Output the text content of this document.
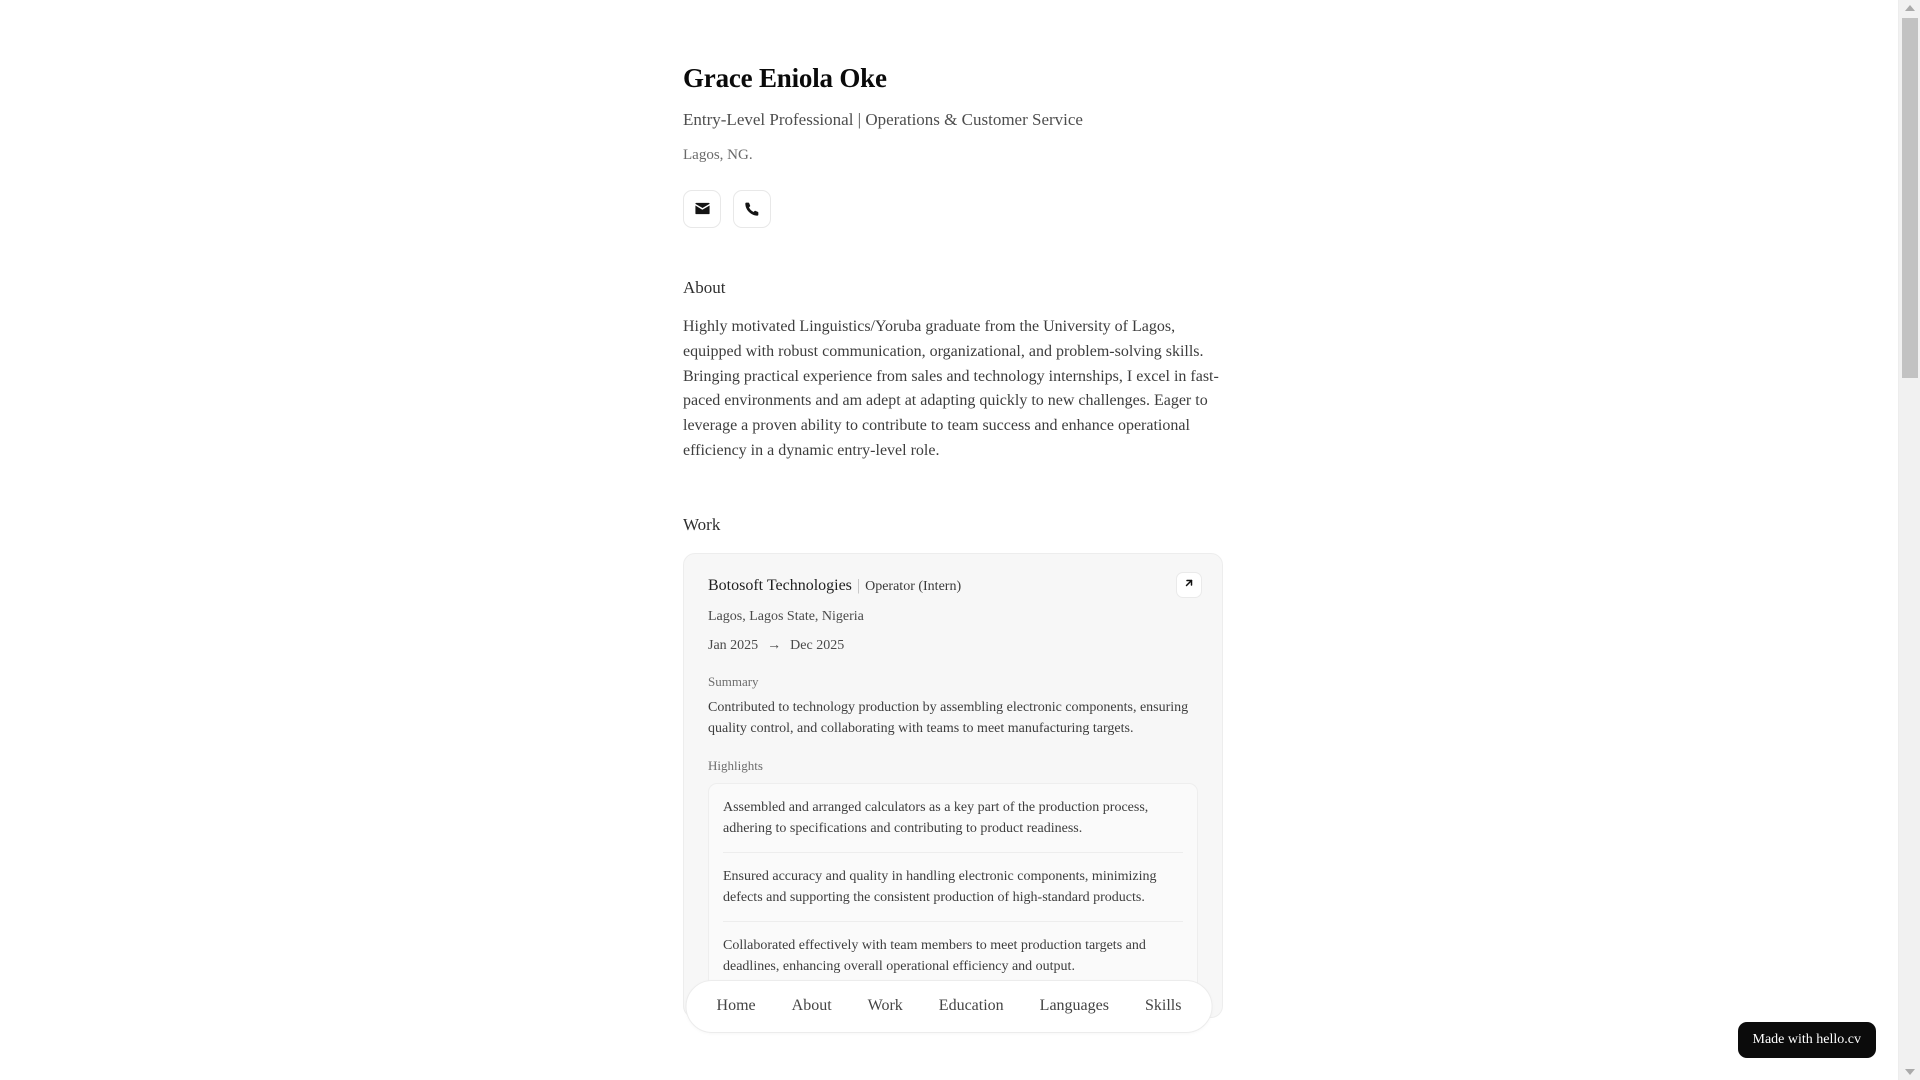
Grace Eniola Oke
Entry-Level Professional | Operations & Customer Service
Lagos, NG.
About
Highly motivated Linguistics/Yoruba graduate from the University of Lagos, equipped with robust communication, organizational, and problem-solving skills. Bringing practical experience from sales and technology internships, I excel in fast-paced environments and am adept at adapting quickly to new challenges. Eager to leverage a proven ability to contribute to team success and enhance operational efficiency in a dynamic entry-level role.
Work
Botosoft Technologies | Operator (Intern)
Lagos, Lagos State, Nigeria
Jan 2025 → Dec 2025
Summary
Contributed to technology production by assembling electronic components, ensuring quality control, and collaborating with teams to meet manufacturing targets.
Highlights
Assembled and arranged calculators as a key part of the production process, adhering to specifications and contributing to product readiness.
Ensured accuracy and quality in handling electronic components, minimizing defects and supporting the consistent production of high-standard products.
Collaborated effectively with team members to meet production targets and deadlines, enhancing overall operational efficiency and output.
Home	About	Work	Education	Languages	Skills
Made with hello.cv
